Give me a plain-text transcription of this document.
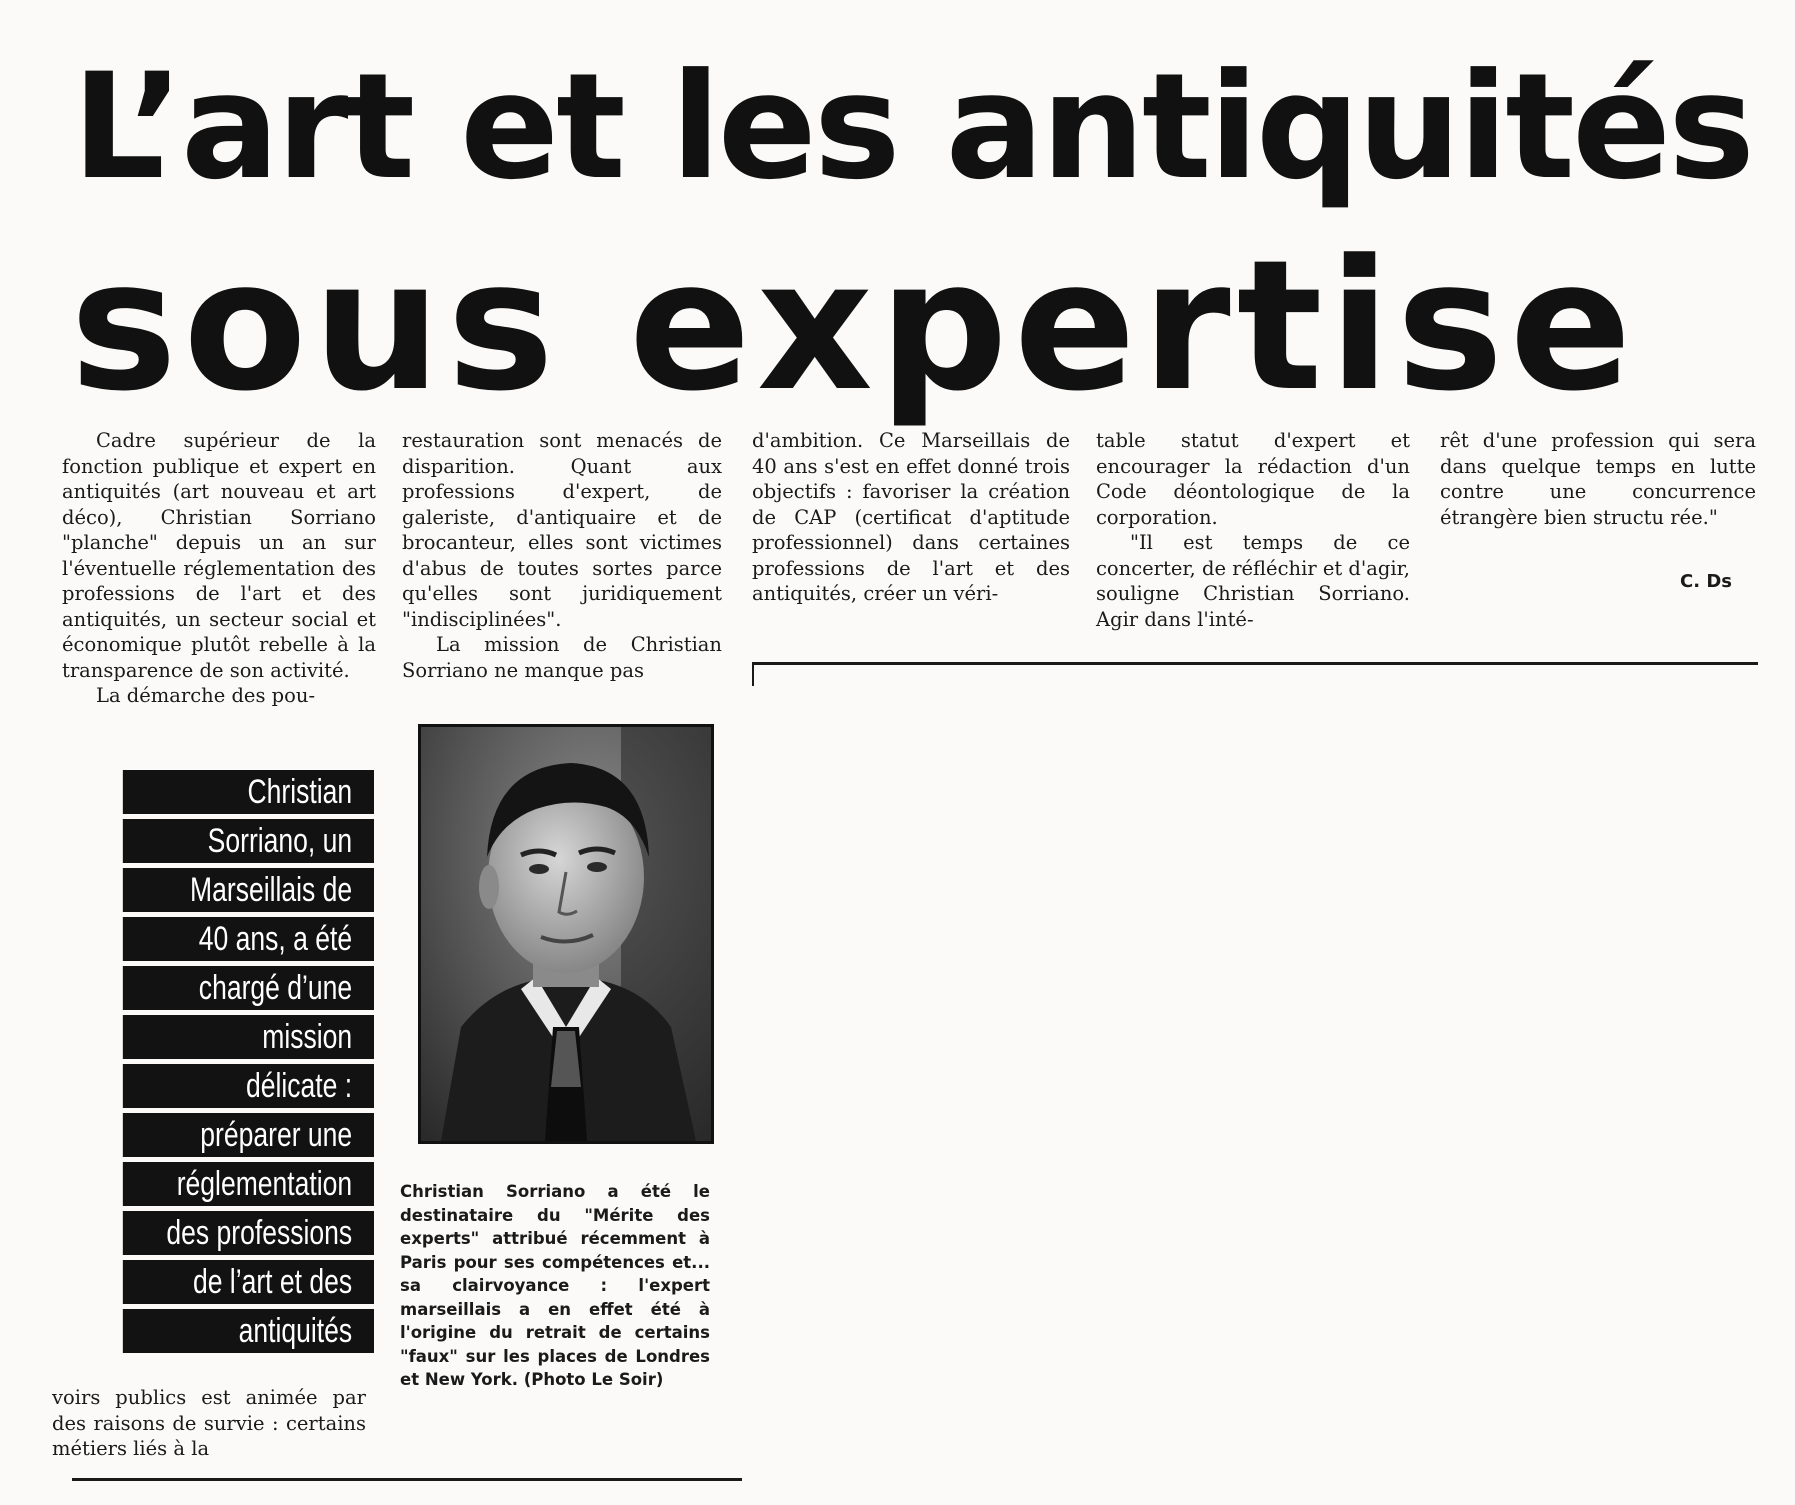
L’art et les antiquités
sous expertise

Cadre supérieur de la fonction publique et expert en antiquités (art nouveau et art déco), Christian Sorriano "planche" depuis un an sur l'éventuelle réglementation des professions de l'art et des antiquités, un secteur social et économique plutôt rebelle à la transparence de son activité.

La démarche des pou-

Christian
Sorriano, un
Marseillais de
40 ans, a été
chargé d’une
mission
délicate :
préparer une
réglementation
des professions
de l’art et des
antiquités

voirs publics est animée par des raisons de survie : certains métiers liés à la

restauration sont menacés de disparition. Quant aux professions d'expert, de galeriste, d'antiquaire et de brocanteur, elles sont victimes d'abus de toutes sortes parce qu'elles sont juridiquement "indisciplinées".

La mission de Christian Sorriano ne manque pas

Christian Sorriano a été le destinataire du "Mérite des experts" attribué récemment à Paris pour ses compétences et... sa clairvoyance : l'expert marseillais a en effet été à l'origine du retrait de certains "faux" sur les places de Londres et New York. (Photo Le Soir)

d'ambition. Ce Marseillais de 40 ans s'est en effet donné trois objectifs : favoriser la création de CAP (certificat d'aptitude professionnel) dans certaines professions de l'art et des antiquités, créer un véri-

table statut d'expert et encourager la rédaction d'un Code déontologique de la corporation.

"Il est temps de ce concerter, de réfléchir et d'agir, souligne Christian Sorriano. Agir dans l'inté-

rêt d'une profession qui sera dans quelque temps en lutte contre une concurrence étrangère bien structu rée."

C. Ds
